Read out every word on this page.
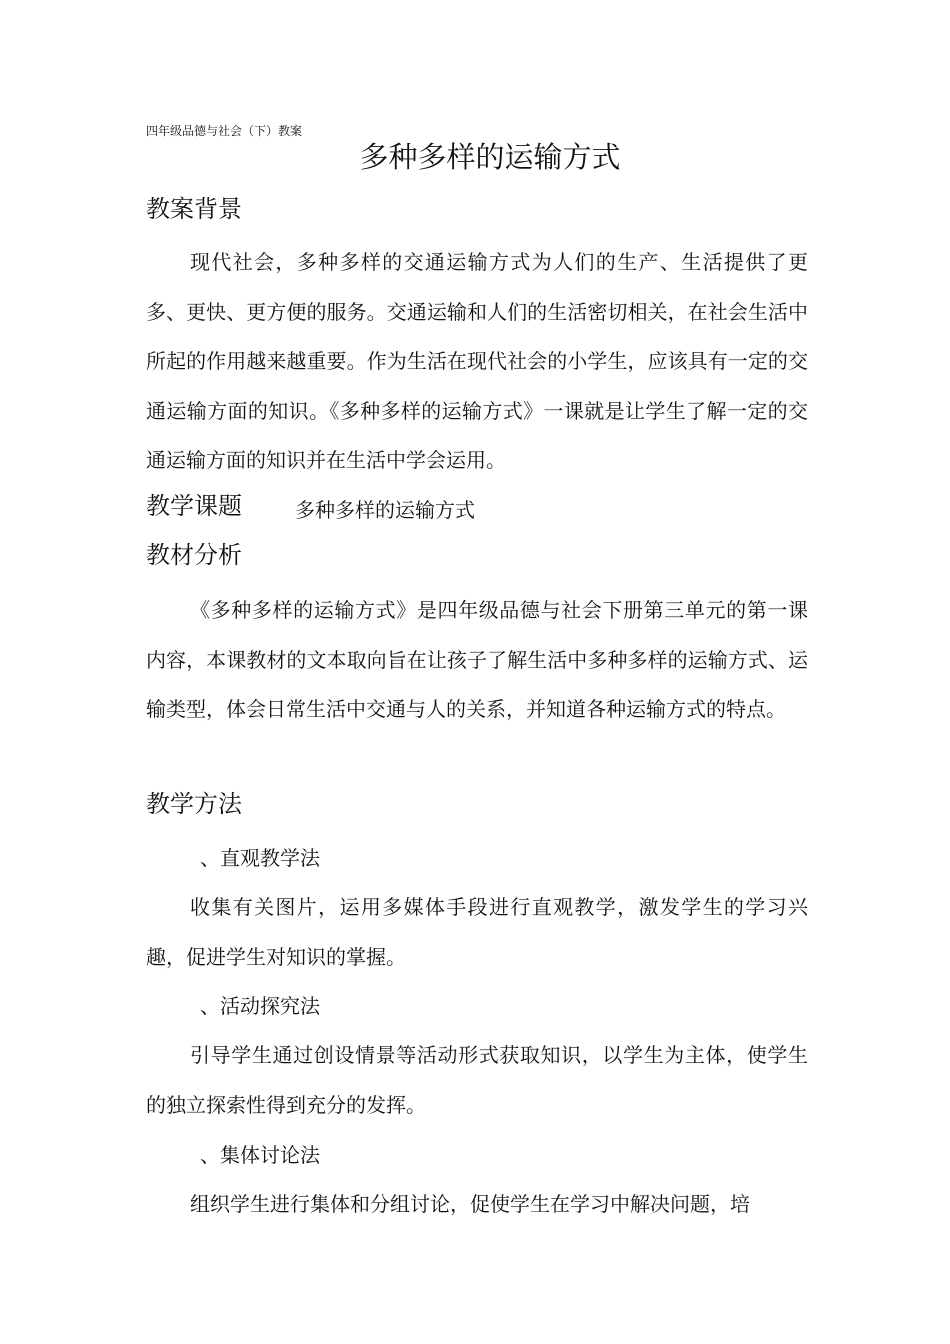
四年级品德与社会（下）教案
多种多样的运输方式
教案背景

现代社会，多种多样的交通运输方式为人们的生产、生活提供了更多、更快、更方便的服务。交通运输和人们的生活密切相关，在社会生活中所起的作用越来越重要。作为生活在现代社会的小学生，应该具有一定的交通运输方面的知识。《多种多样的运输方式》一课就是让学生了解一定的交通运输方面的知识并在生活中学会运用。

教学课题	多种多样的运输方式
教材分析

《多种多样的运输方式》是四年级品德与社会下册第三单元的第一课内容，本课教材的文本取向旨在让孩子了解生活中多种多样的运输方式、运输类型，体会日常生活中交通与人的关系，并知道各种运输方式的特点。

教学方法
、直观教学法

收集有关图片，运用多媒体手段进行直观教学，激发学生的学习兴趣，促进学生对知识的掌握。

、活动探究法

引导学生通过创设情景等活动形式获取知识，以学生为主体，使学生的独立探索性得到充分的发挥。

、集体讨论法

组织学生进行集体和分组讨论，促使学生在学习中解决问题，培
